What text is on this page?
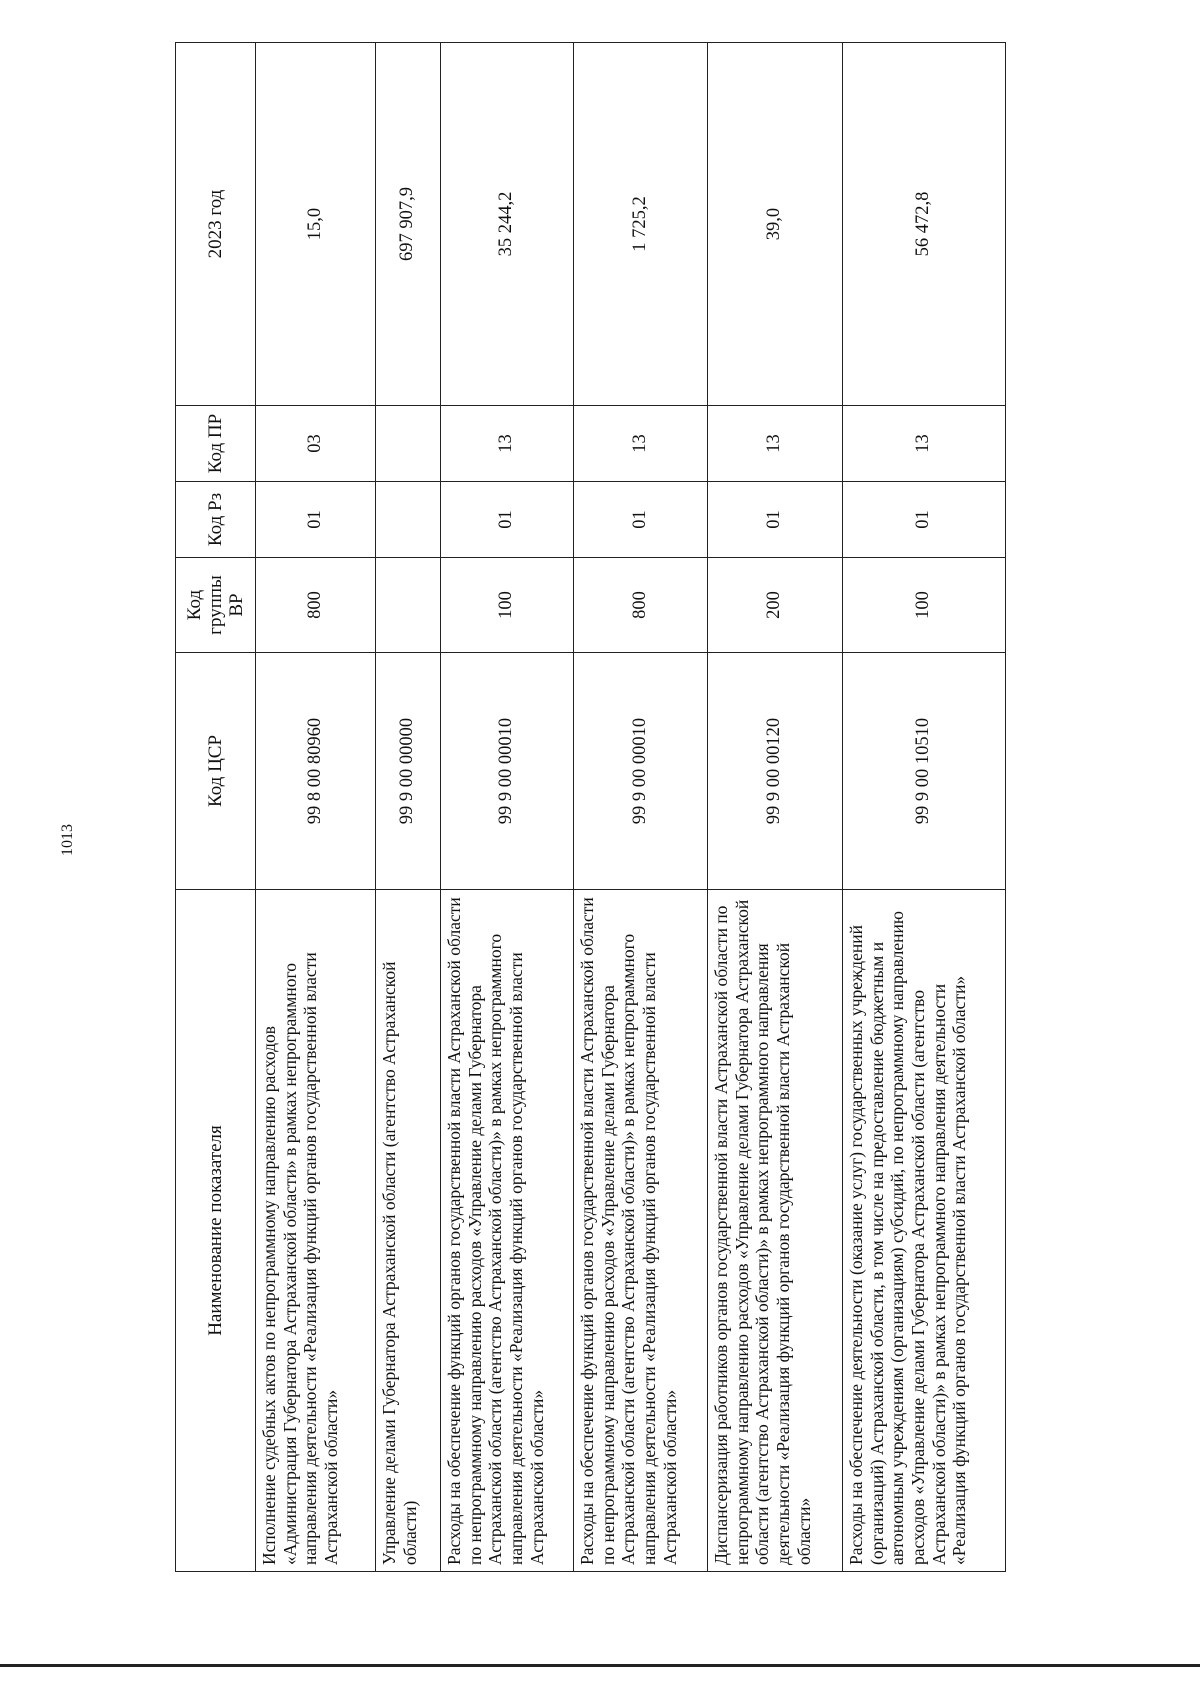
1013
Наименование показателя	Код ЦСР	Код группы ВР	Код Рз	Код ПР	2023 год
Исполнение судебных актов по непрограммному направлению расходов «Администрация Губернатора Астраханской области» в рамках непрограммного направления деятельности «Реализация функций органов государственной власти Астраханской области»	99 8 00 80960	800	01	03	15,0
Управление делами Губернатора Астраханской области (агентство Астраханской области)	99 9 00 00000				697 907,9
Расходы на обеспечение функций органов государственной власти Астраханской области по непрограммному направлению расходов «Управление делами Губернатора Астраханской области (агентство Астраханской области)» в рамках непрограммного направления деятельности «Реализация функций органов государственной власти Астраханской области»	99 9 00 00010	100	01	13	35 244,2
Расходы на обеспечение функций органов государственной власти Астраханской области по непрограммному направлению расходов «Управление делами Губернатора Астраханской области (агентство Астраханской области)» в рамках непрограммного направления деятельности «Реализация функций органов государственной власти Астраханской области»	99 9 00 00010	800	01	13	1 725,2
Диспансеризация работников органов государственной власти Астраханской области по непрограммному направлению расходов «Управление делами Губернатора Астраханской области (агентство Астраханской области)» в рамках непрограммного направления деятельности «Реализация функций органов государственной власти Астраханской области»	99 9 00 00120	200	01	13	39,0
Расходы на обеспечение деятельности (оказание услуг) государственных учреждений (организаций) Астраханской области, в том числе на предоставление бюджетным и автономным учреждениям (организациям) субсидий, по непрограммному направлению расходов «Управление делами Губернатора Астраханской области (агентство Астраханской области)» в рамках непрограммного направления деятельности «Реализация функций органов государственной власти Астраханской области»	99 9 00 10510	100	01	13	56 472,8
